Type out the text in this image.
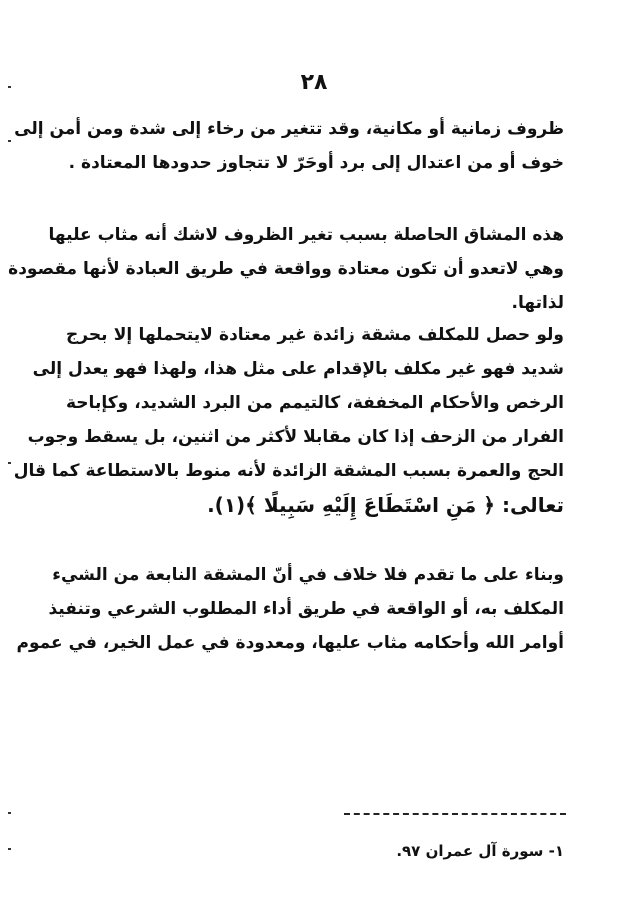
٢٨
ظروف زمانية أو مكانية، وقد تتغير من رخاء إلى شدة ومن أمن إلى
خوف أو من اعتدال إلى برد أوحَرّ لا تتجاوز حدودها المعتادة .
هذه المشاق الحاصلة بسبب تغير الظروف لاشك أنه مثاب عليها
وهي لاتعدو أن تكون معتادة وواقعة في طريق العبادة لأنها مقصودة
لذاتها.
ولو حصل للمكلف مشقة زائدة غير معتادة لايتحملها إلا بحرج
شديد فهو غير مكلف بالإقدام على مثل هذا، ولهذا فهو يعدل إلى
الرخص والأحكام المخففة، كالتيمم من البرد الشديد، وكإباحة
الفرار من الزحف إذا كان مقابلا لأكثر من اثنين، بل يسقط وجوب
الحج والعمرة بسبب المشقة الزائدة لأنه منوط بالاستطاعة كما قال
تعالى: ﴿ مَنِ اسْتَطَاعَ إِلَيْهِ سَبِيلًا ﴾(١).
وبناء على ما تقدم فلا خلاف في أنّ المشقة النابعة من الشيء
المكلف به، أو الواقعة في طريق أداء المطلوب الشرعي وتنفيذ
أوامر الله وأحكامه مثاب عليها، ومعدودة في عمل الخير، في عموم
١- سورة آل عمران ٩٧.
